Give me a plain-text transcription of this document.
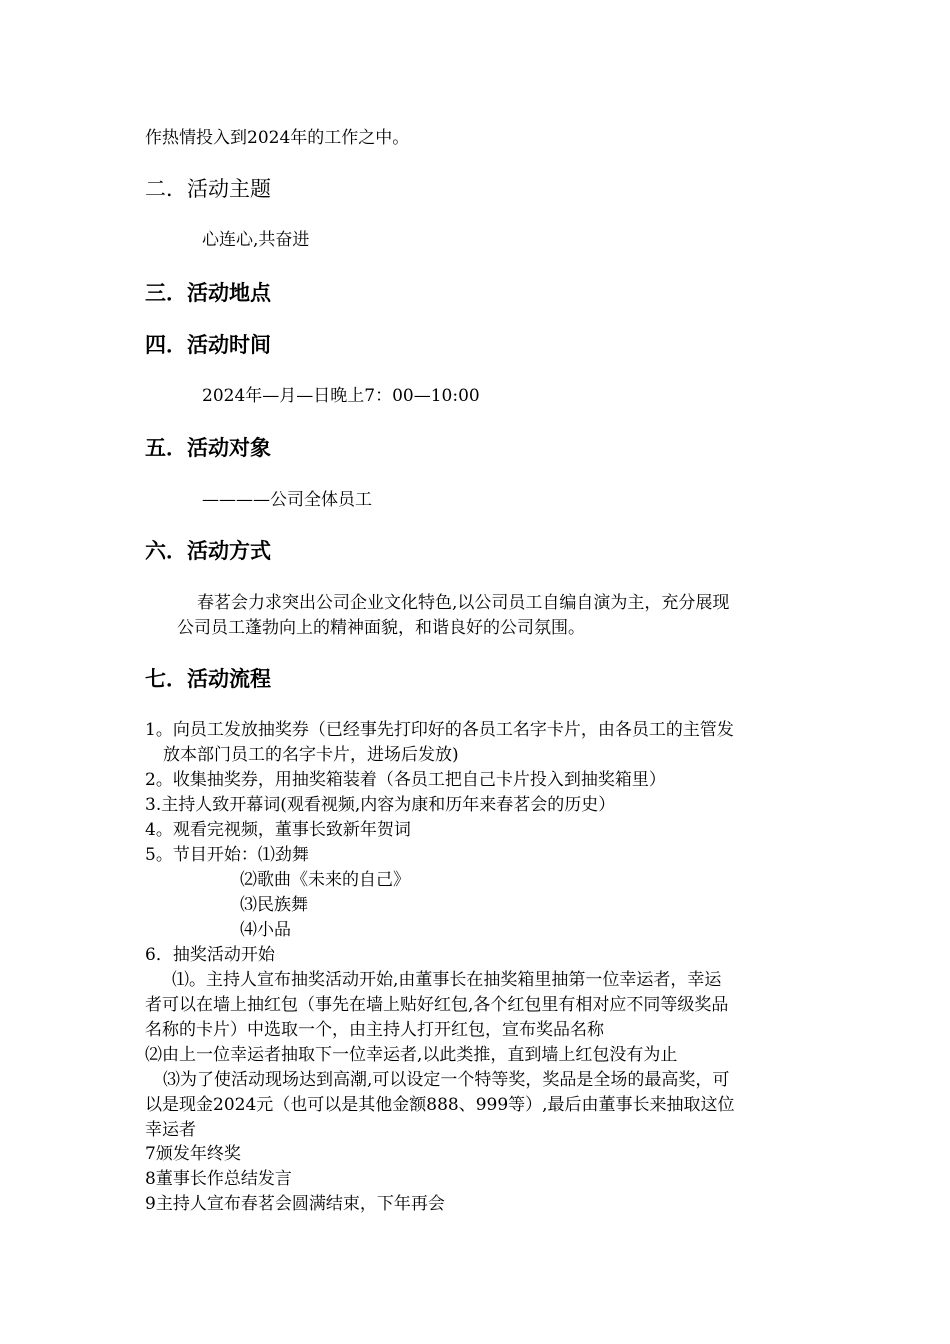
作热情投入到2024年的工作之中。
二．活动主题
心连心,共奋进
三．活动地点
四．活动时间
2024年—月—日晚上7：00—10:00
五．活动对象
————公司全体员工
六．活动方式
春茗会力求突出公司企业文化特色,以公司员工自编自演为主，充分展现
公司员工蓬勃向上的精神面貌，和谐良好的公司氛围。
七．活动流程
1。向员工发放抽奖券（已经事先打印好的各员工名字卡片，由各员工的主管发
放本部门员工的名字卡片，进场后发放)
2。收集抽奖券，用抽奖箱装着（各员工把自己卡片投入到抽奖箱里）
3.主持人致开幕词(观看视频,内容为康和历年来春茗会的历史）
4。观看完视频，董事长致新年贺词
5。节目开始：⑴劲舞
⑵歌曲《未来的自己》
⑶民族舞
⑷小品
6．抽奖活动开始
⑴。主持人宣布抽奖活动开始,由董事长在抽奖箱里抽第一位幸运者，幸运
者可以在墙上抽红包（事先在墙上贴好红包,各个红包里有相对应不同等级奖品
名称的卡片）中选取一个，由主持人打开红包，宣布奖品名称
⑵由上一位幸运者抽取下一位幸运者,以此类推，直到墙上红包没有为止
⑶为了使活动现场达到高潮,可以设定一个特等奖，奖品是全场的最高奖，可
以是现金2024元（也可以是其他金额888、999等）,最后由董事长来抽取这位
幸运者
7颁发年终奖
8董事长作总结发言
9主持人宣布春茗会圆满结束，下年再会
